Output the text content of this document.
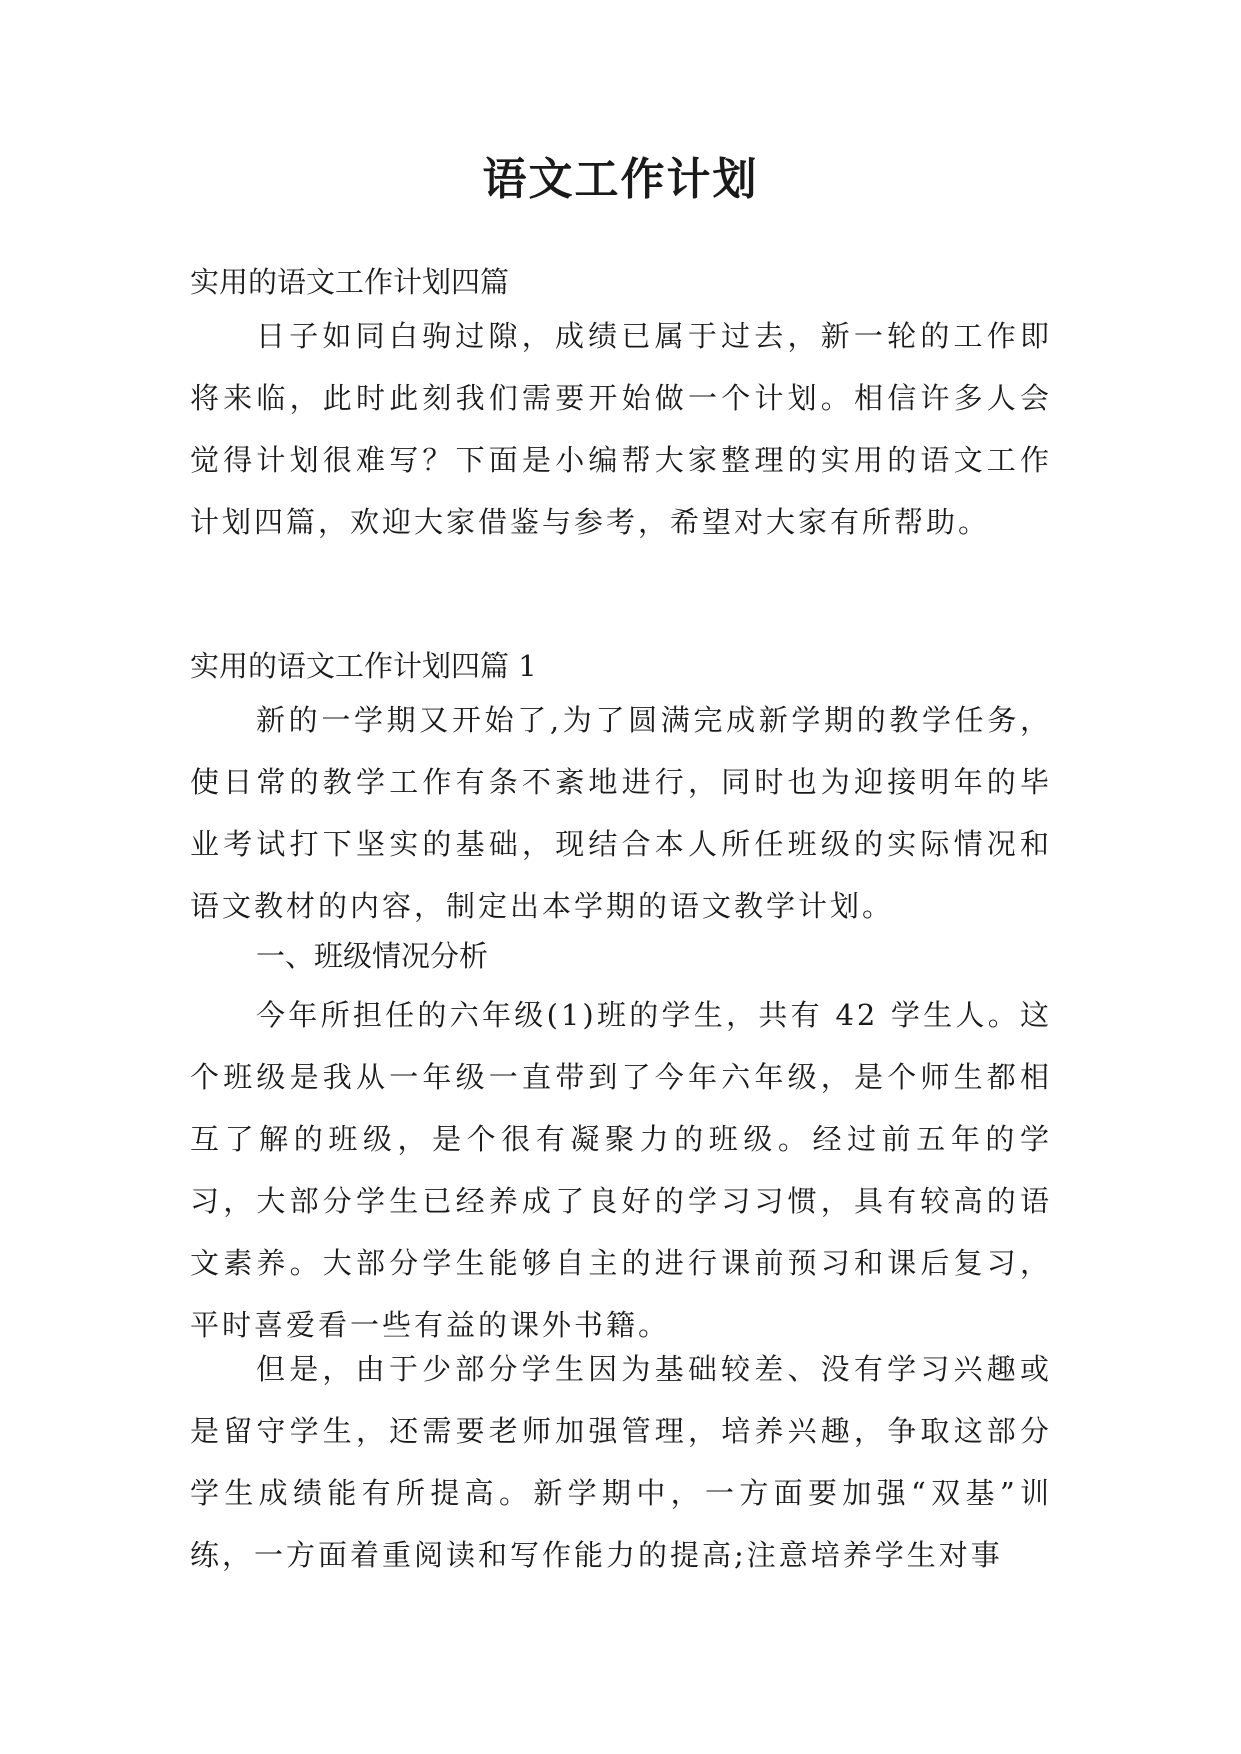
语文工作计划

实用的语文工作计划四篇

日子如同白驹过隙，成绩已属于过去，新一轮的工作即将来临，此时此刻我们需要开始做一个计划。相信许多人会觉得计划很难写？下面是小编帮大家整理的实用的语文工作计划四篇，欢迎大家借鉴与参考，希望对大家有所帮助。

实用的语文工作计划四篇 1

新的一学期又开始了,为了圆满完成新学期的教学任务，使日常的教学工作有条不紊地进行，同时也为迎接明年的毕业考试打下坚实的基础，现结合本人所任班级的实际情况和语文教材的内容，制定出本学期的语文教学计划。

一、班级情况分析

今年所担任的六年级(1)班的学生，共有 42 学生人。这个班级是我从一年级一直带到了今年六年级，是个师生都相互了解的班级，是个很有凝聚力的班级。经过前五年的学习，大部分学生已经养成了良好的学习习惯，具有较高的语文素养。大部分学生能够自主的进行课前预习和课后复习，平时喜爱看一些有益的课外书籍。

但是，由于少部分学生因为基础较差、没有学习兴趣或是留守学生，还需要老师加强管理，培养兴趣，争取这部分学生成绩能有所提高。新学期中，一方面要加强“双基”训练，一方面着重阅读和写作能力的提高;注意培养学生对事
